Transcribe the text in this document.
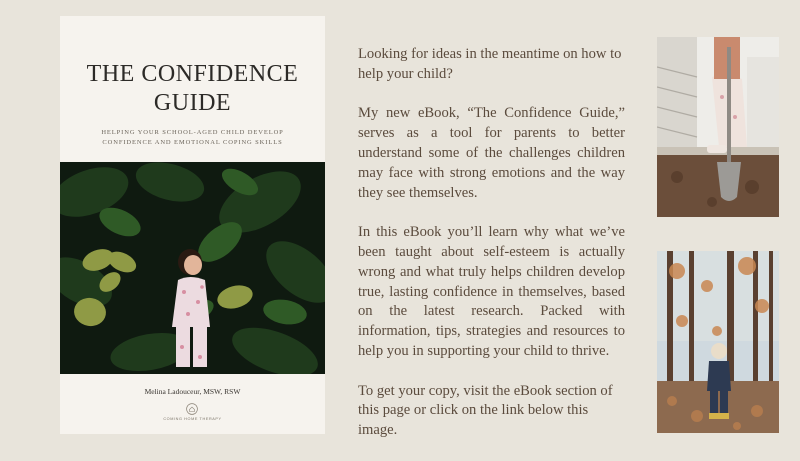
THE CONFIDENCE
GUIDE
HELPING YOUR SCHOOL-AGED CHILD DEVELOP
CONFIDENCE AND EMOTIONAL COPING SKILLS
Melina Ladouceur, MSW, RSW
COMING HOME THERAPY

Looking for ideas in the meantime on how to help your child?

My new eBook, “The Confidence Guide,” serves as a tool for parents to better understand some of the challenges children may face with strong emotions and the way they see themselves.

In this eBook you’ll learn why what we’ve been taught about self-esteem is actually wrong and what truly helps children develop true, lasting confidence in themselves, based on the latest research. Packed with information, tips, strategies and resources to help you in supporting your child to thrive.

To get your copy, visit the eBook section of this page or click on the link below this image.
